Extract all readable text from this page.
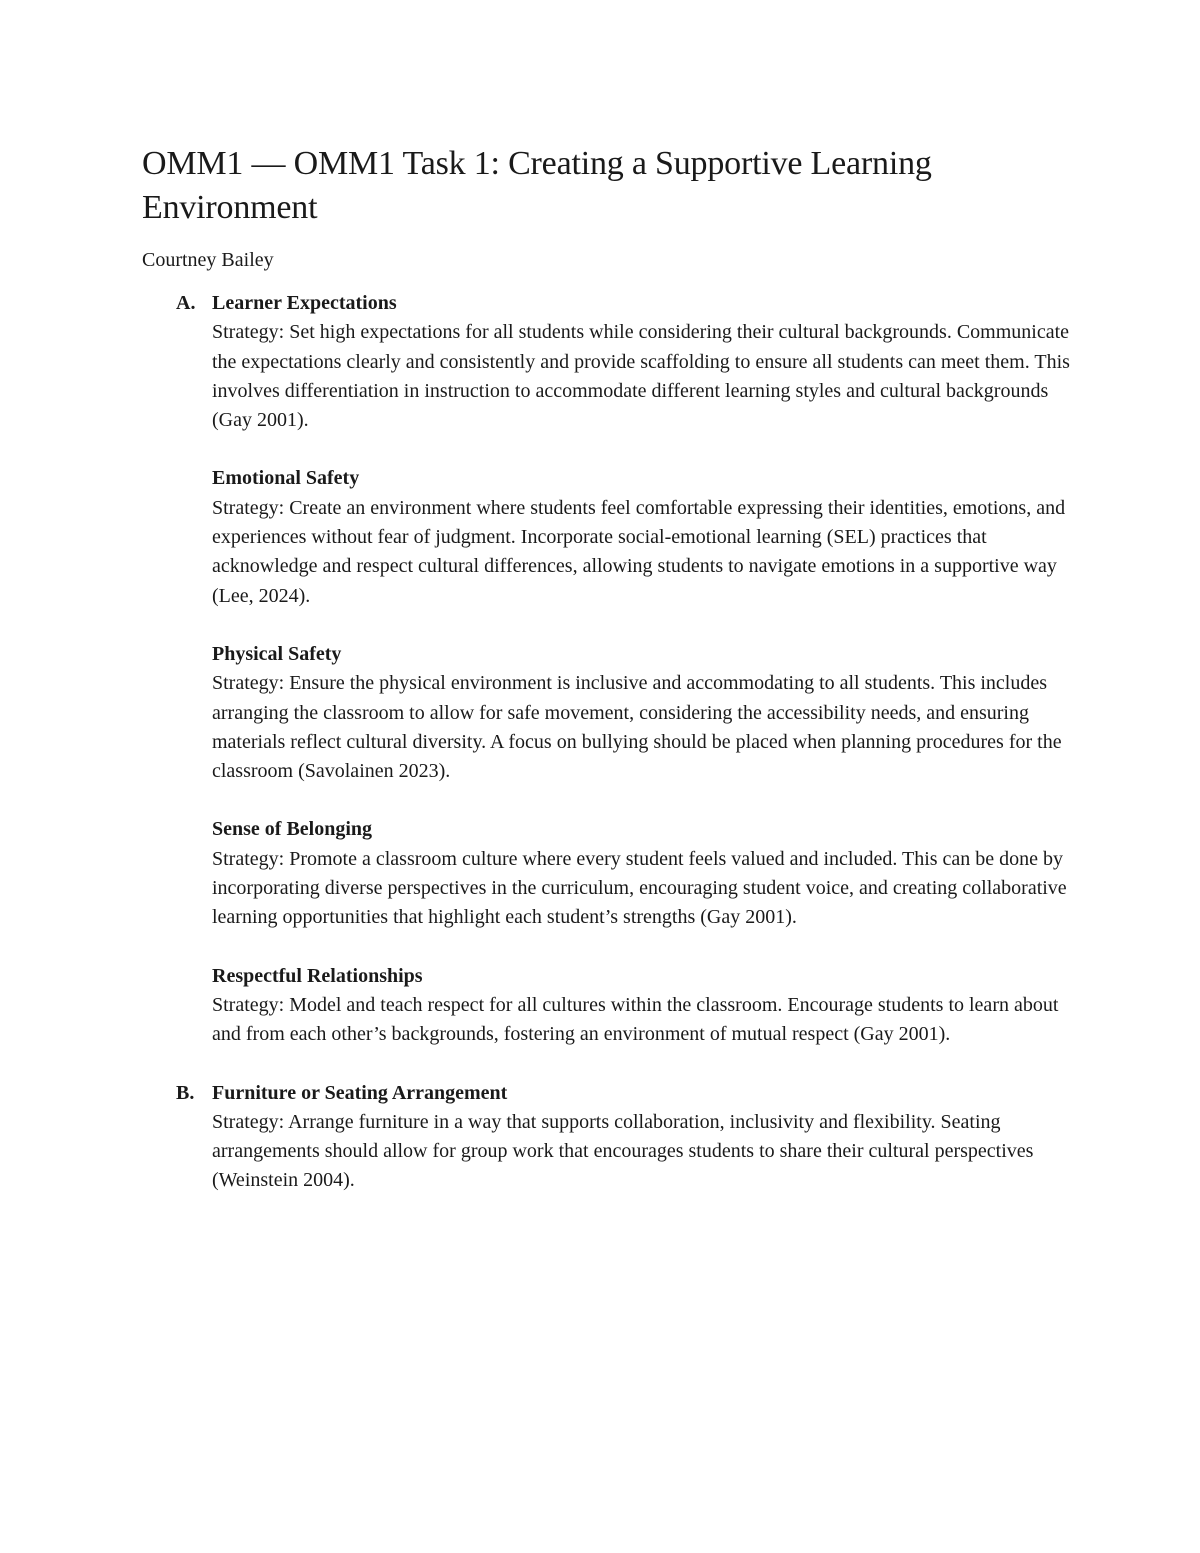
OMM1 — OMM1 Task 1: Creating a Supportive Learning Environment
Courtney Bailey
A. Learner Expectations
Strategy: Set high expectations for all students while considering their cultural backgrounds. Communicate the expectations clearly and consistently and provide scaffolding to ensure all students can meet them. This involves differentiation in instruction to accommodate different learning styles and cultural backgrounds (Gay 2001).
Emotional Safety
Strategy: Create an environment where students feel comfortable expressing their identities, emotions, and experiences without fear of judgment. Incorporate social-emotional learning (SEL) practices that acknowledge and respect cultural differences, allowing students to navigate emotions in a supportive way (Lee, 2024).
Physical Safety
Strategy: Ensure the physical environment is inclusive and accommodating to all students. This includes arranging the classroom to allow for safe movement, considering the accessibility needs, and ensuring materials reflect cultural diversity. A focus on bullying should be placed when planning procedures for the classroom (Savolainen 2023).
Sense of Belonging
Strategy: Promote a classroom culture where every student feels valued and included. This can be done by incorporating diverse perspectives in the curriculum, encouraging student voice, and creating collaborative learning opportunities that highlight each student’s strengths (Gay 2001).
Respectful Relationships
Strategy: Model and teach respect for all cultures within the classroom. Encourage students to learn about and from each other’s backgrounds, fostering an environment of mutual respect (Gay 2001).
B. Furniture or Seating Arrangement
Strategy: Arrange furniture in a way that supports collaboration, inclusivity and flexibility. Seating arrangements should allow for group work that encourages students to share their cultural perspectives (Weinstein 2004).
